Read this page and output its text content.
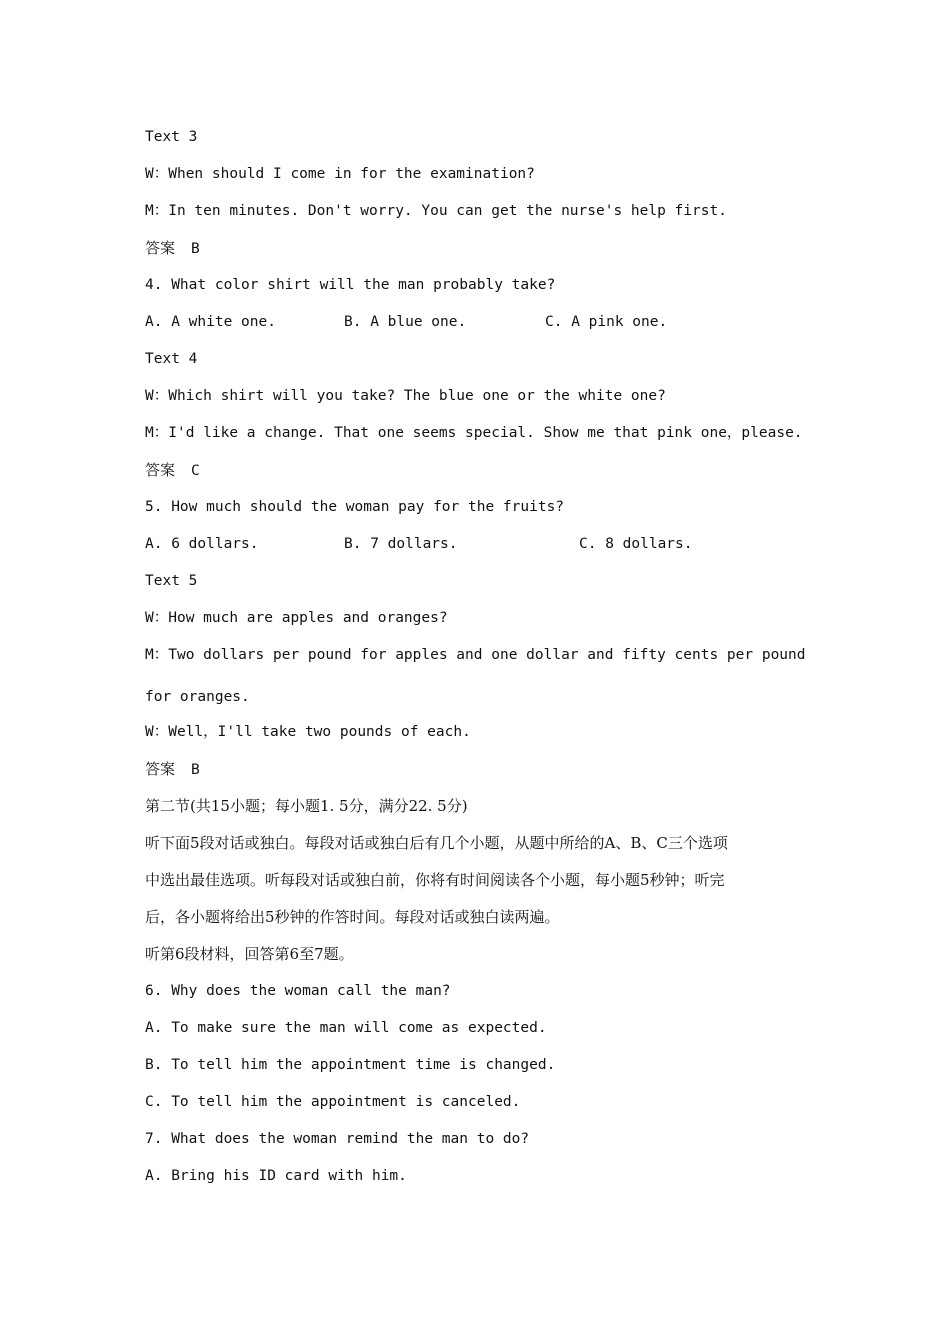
Text 3
W：When should I come in for the examination?
M：In ten minutes. Don't worry. You can get the nurse's help first.
答案 B
4. What color shirt will the man probably take?
A. A white one.	B. A blue one.	C. A pink one.
Text 4
W：Which shirt will you take? The blue one or the white one?
M：I'd like a change. That one seems special. Show me that pink one，please.
答案 C
5. How much should the woman pay for the fruits?
A. 6 dollars.	B. 7 dollars.	C. 8 dollars.
Text 5
W：How much are apples and oranges?
M：Two dollars per pound for apples and one dollar and fifty cents per pound
for oranges.
W：Well，I'll take two pounds of each.
答案 B
第二节(共15小题；每小题1. 5分，满分22. 5分)
听下面5段对话或独白。每段对话或独白后有几个小题，从题中所给的A、B、C三个选项
中选出最佳选项。听每段对话或独白前，你将有时间阅读各个小题，每小题5秒钟；听完
后，各小题将给出5秒钟的作答时间。每段对话或独白读两遍。
听第6段材料，回答第6至7题。
6. Why does the woman call the man?
A. To make sure the man will come as expected.
B. To tell him the appointment time is changed.
C. To tell him the appointment is canceled.
7. What does the woman remind the man to do?
A. Bring his ID card with him.
